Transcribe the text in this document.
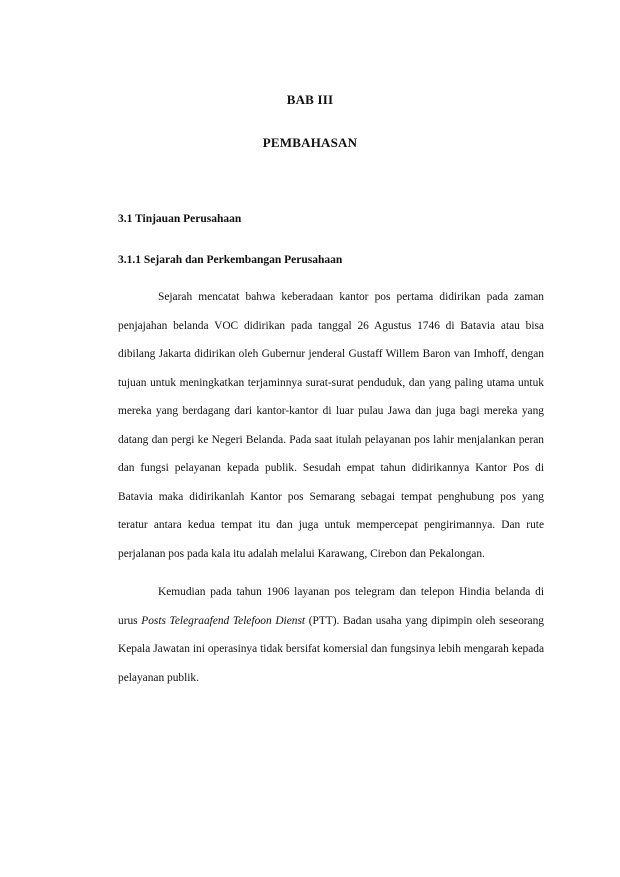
BAB III
PEMBAHASAN
3.1 Tinjauan Perusahaan
3.1.1 Sejarah dan Perkembangan Perusahaan

Sejarah mencatat bahwa keberadaan kantor pos pertama didirikan pada zaman penjajahan belanda VOC didirikan pada tanggal 26 Agustus 1746 di Batavia atau bisa dibilang Jakarta didirikan oleh Gubernur jenderal Gustaff Willem Baron van Imhoff, dengan tujuan untuk meningkatkan terjaminnya surat-surat penduduk, dan yang paling utama untuk mereka yang berdagang dari kantor-kantor di luar pulau Jawa dan juga bagi mereka yang datang dan pergi ke Negeri Belanda. Pada saat itulah pelayanan pos lahir menjalankan peran dan fungsi pelayanan kepada publik. Sesudah empat tahun didirikannya Kantor Pos di Batavia maka didirikanlah Kantor pos Semarang sebagai tempat penghubung pos yang teratur antara kedua tempat itu dan juga untuk mempercepat pengirimannya. Dan rute perjalanan pos pada kala itu adalah melalui Karawang, Cirebon dan Pekalongan.

Kemudian pada tahun 1906 layanan pos telegram dan telepon Hindia belanda di urus Posts Telegraafend Telefoon Dienst (PTT). Badan usaha yang dipimpin oleh seseorang Kepala Jawatan ini operasinya tidak bersifat komersial dan fungsinya lebih mengarah kepada pelayanan publik.
